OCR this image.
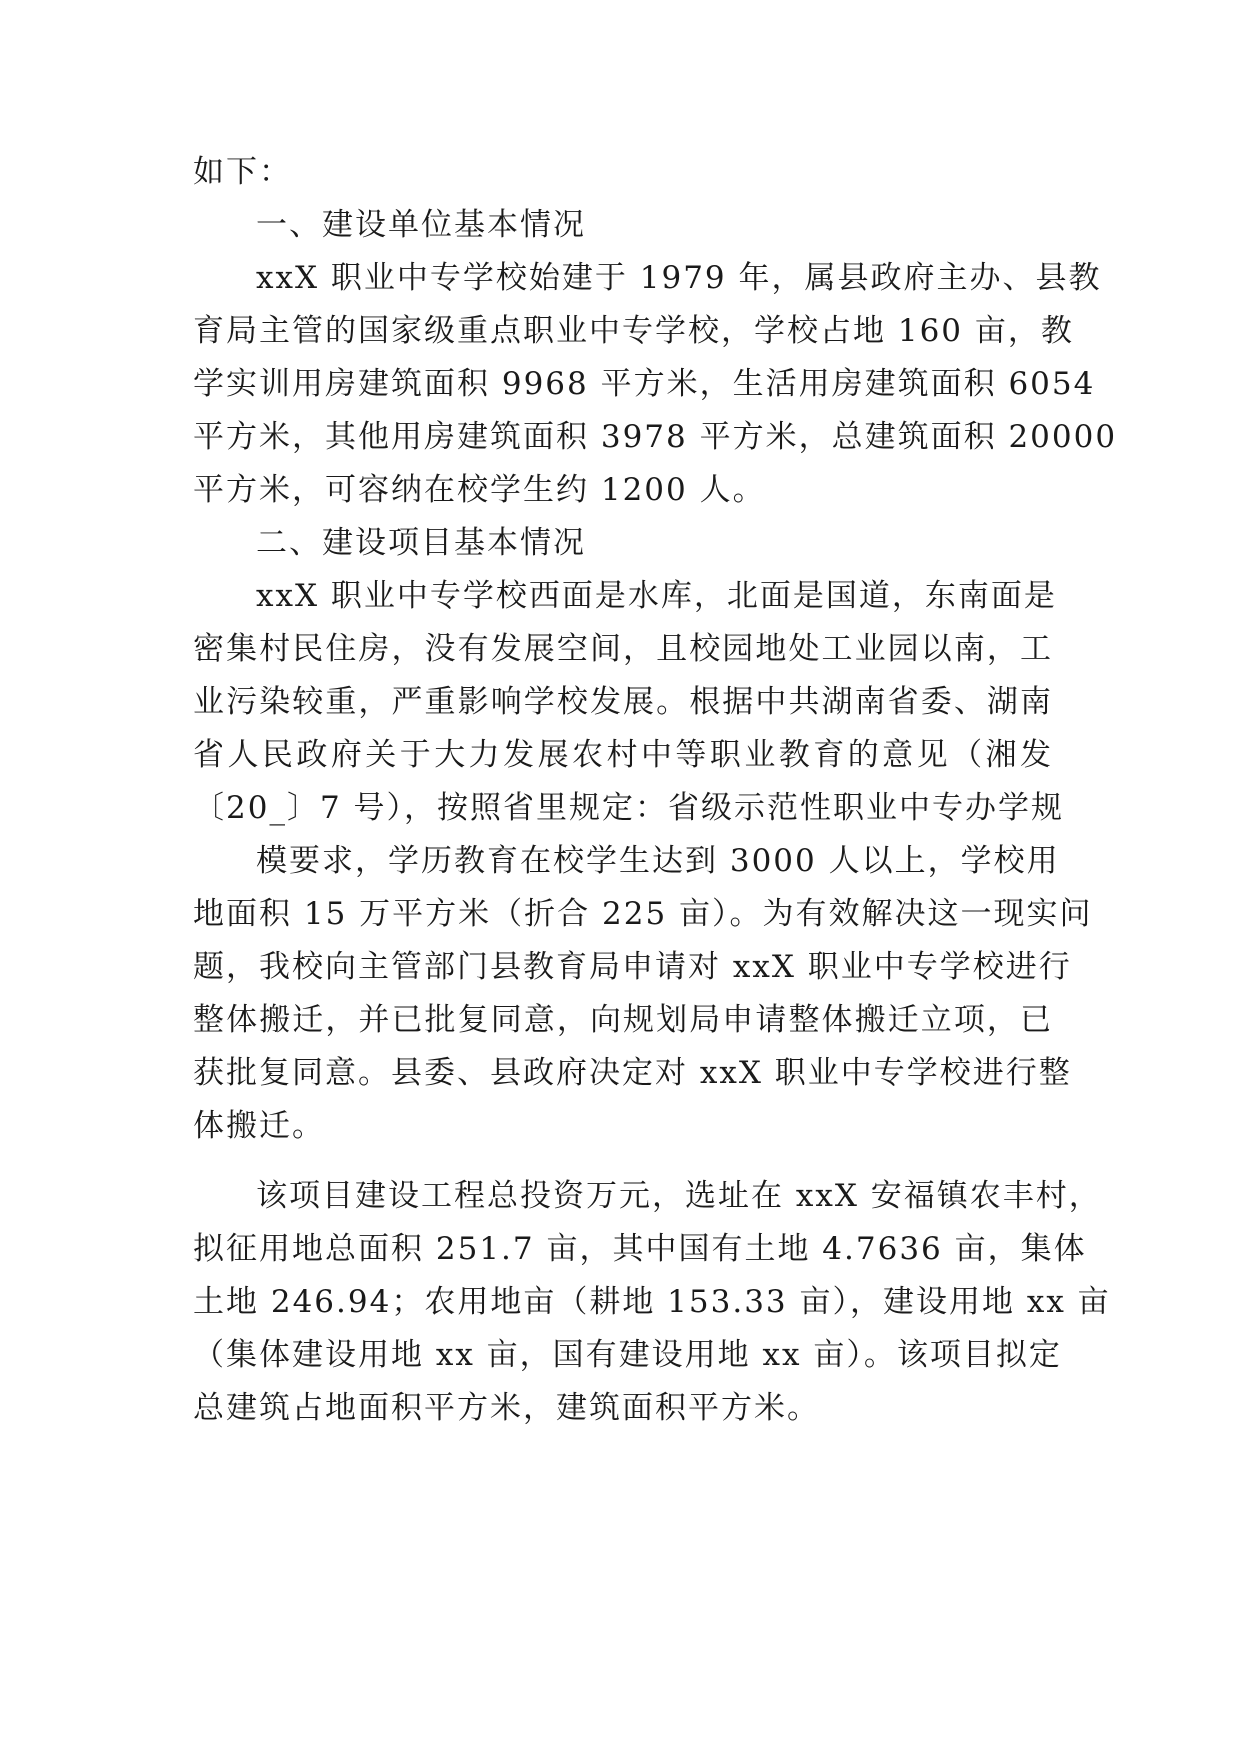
如下：
一、建设单位基本情况
xxX 职业中专学校始建于 1979 年，属县政府主办、县教
育局主管的国家级重点职业中专学校，学校占地 160 亩，教
学实训用房建筑面积 9968 平方米，生活用房建筑面积 6054
平方米，其他用房建筑面积 3978 平方米，总建筑面积 20000
平方米，可容纳在校学生约 1200 人。
二、建设项目基本情况
xxX 职业中专学校西面是水库，北面是国道，东南面是
密集村民住房，没有发展空间，且校园地处工业园以南，工
业污染较重，严重影响学校发展。根据中共湖南省委、湖南
省人民政府关于大力发展农村中等职业教育的意见（湘发
〔20_〕7 号），按照省里规定：省级示范性职业中专办学规
模要求，学历教育在校学生达到 3000 人以上，学校用
地面积 15 万平方米（折合 225 亩）。为有效解决这一现实问
题，我校向主管部门县教育局申请对 xxX 职业中专学校进行
整体搬迁，并已批复同意，向规划局申请整体搬迁立项，已
获批复同意。县委、县政府决定对 xxX 职业中专学校进行整
体搬迁。
该项目建设工程总投资万元，选址在 xxX 安福镇农丰村，
拟征用地总面积 251.7 亩，其中国有土地 4.7636 亩，集体
土地 246.94；农用地亩（耕地 153.33 亩），建设用地 xx 亩
（集体建设用地 xx 亩，国有建设用地 xx 亩）。该项目拟定
总建筑占地面积平方米，建筑面积平方米。
